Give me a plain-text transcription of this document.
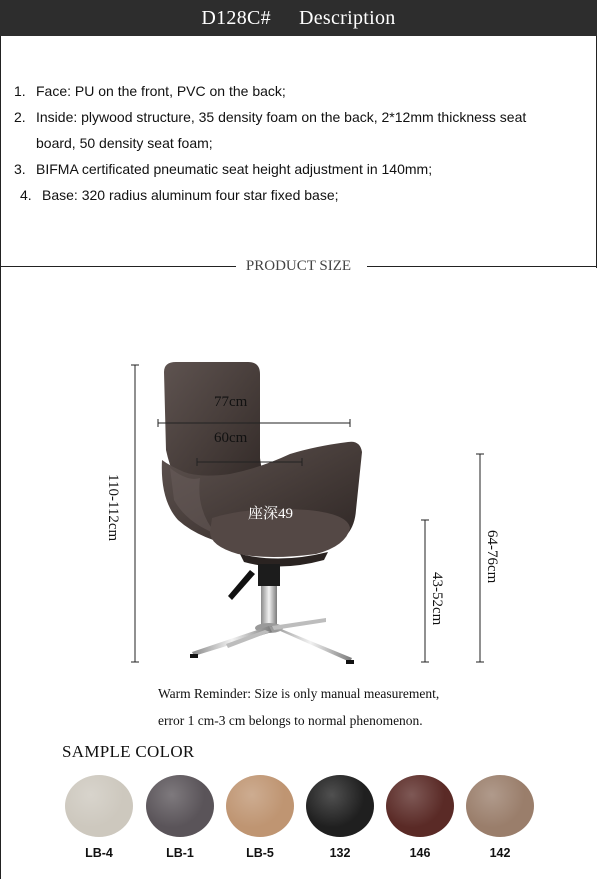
D128C# Description
1. Face: PU on the front, PVC on the back;
2. Inside: plywood structure, 35 density foam on the back, 2*12mm thickness seat
board, 50 density seat foam;
3. BIFMA certificated pneumatic seat height adjustment in 140mm;
4. Base: 320 radius aluminum four star fixed base;
PRODUCT SIZE
77cm
60cm
座深49
110-112cm
43-52cm
64-76cm
Warm Reminder: Size is only manual measurement,
error 1 cm-3 cm belongs to normal phenomenon.
SAMPLE COLOR
LB-4	LB-1	LB-5	132	146	142
